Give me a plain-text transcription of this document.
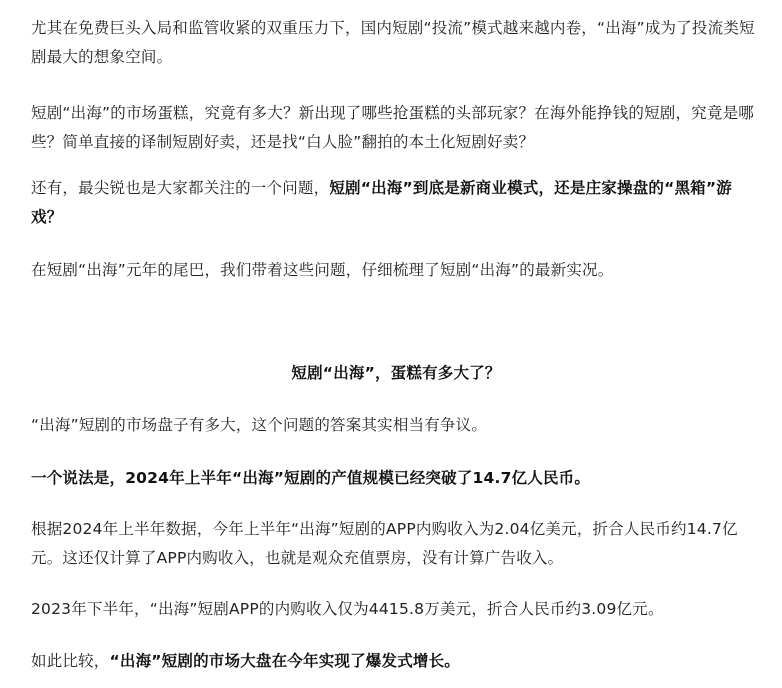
尤其在免费巨头入局和监管收紧的双重压力下，国内短剧“投流”模式越来越内卷，“出海”成为了投流类短剧最大的想象空间。

短剧“出海”的市场蛋糕，究竟有多大？新出现了哪些抢蛋糕的头部玩家？在海外能挣钱的短剧，究竟是哪些？简单直接的译制短剧好卖，还是找“白人脸”翻拍的本土化短剧好卖？

还有，最尖锐也是大家都关注的一个问题，短剧“出海”到底是新商业模式，还是庄家操盘的“黑箱”游戏？

在短剧“出海”元年的尾巴，我们带着这些问题，仔细梳理了短剧“出海”的最新实况。

短剧“出海”，蛋糕有多大了？

“出海”短剧的市场盘子有多大，这个问题的答案其实相当有争议。

一个说法是，2024年上半年“出海”短剧的产值规模已经突破了14.7亿人民币。

根据2024年上半年数据，今年上半年“出海”短剧的APP内购收入为2.04亿美元，折合人民币约14.7亿元。这还仅计算了APP内购收入，也就是观众充值票房，没有计算广告收入。

2023年下半年，“出海”短剧APP的内购收入仅为4415.8万美元，折合人民币约3.09亿元。

如此比较，“出海”短剧的市场大盘在今年实现了爆发式增长。
